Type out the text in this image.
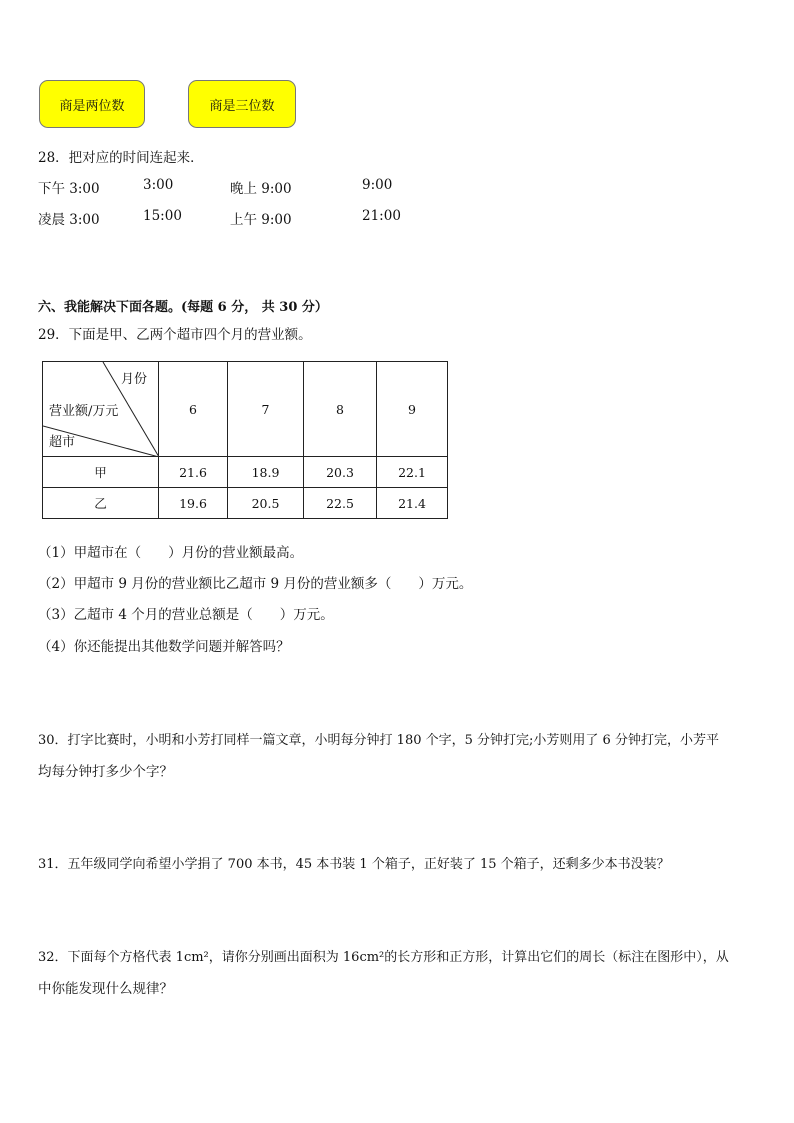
商是两位数	商是三位数
28．把对应的时间连起来．
下午 3:00	3:00	晚上 9:00	9:00
凌晨 3:00	15:00	上午 9:00	21:00
六、我能解决下面各题。(每题 6 分， 共 30 分）
29．下面是甲、乙两个超市四个月的营业额。
月份
营业额/万元
超市	6	7	8	9
甲	21.6	18.9	20.3	22.1
乙	19.6	20.5	22.5	21.4
（1）甲超市在（　　）月份的营业额最高。
（2）甲超市 9 月份的营业额比乙超市 9 月份的营业额多（　　）万元。
（3）乙超市 4 个月的营业总额是（　　）万元。
（4）你还能提出其他数学问题并解答吗？
30．打字比赛时，小明和小芳打同样一篇文章，小明每分钟打 180 个字，5 分钟打完;小芳则用了 6 分钟打完，小芳平
均每分钟打多少个字？
31．五年级同学向希望小学捐了 700 本书，45 本书装 1 个箱子，正好装了 15 个箱子，还剩多少本书没装？
32．下面每个方格代表 1cm²，请你分别画出面积为 16cm²的长方形和正方形，计算出它们的周长（标注在图形中），从
中你能发现什么规律？
